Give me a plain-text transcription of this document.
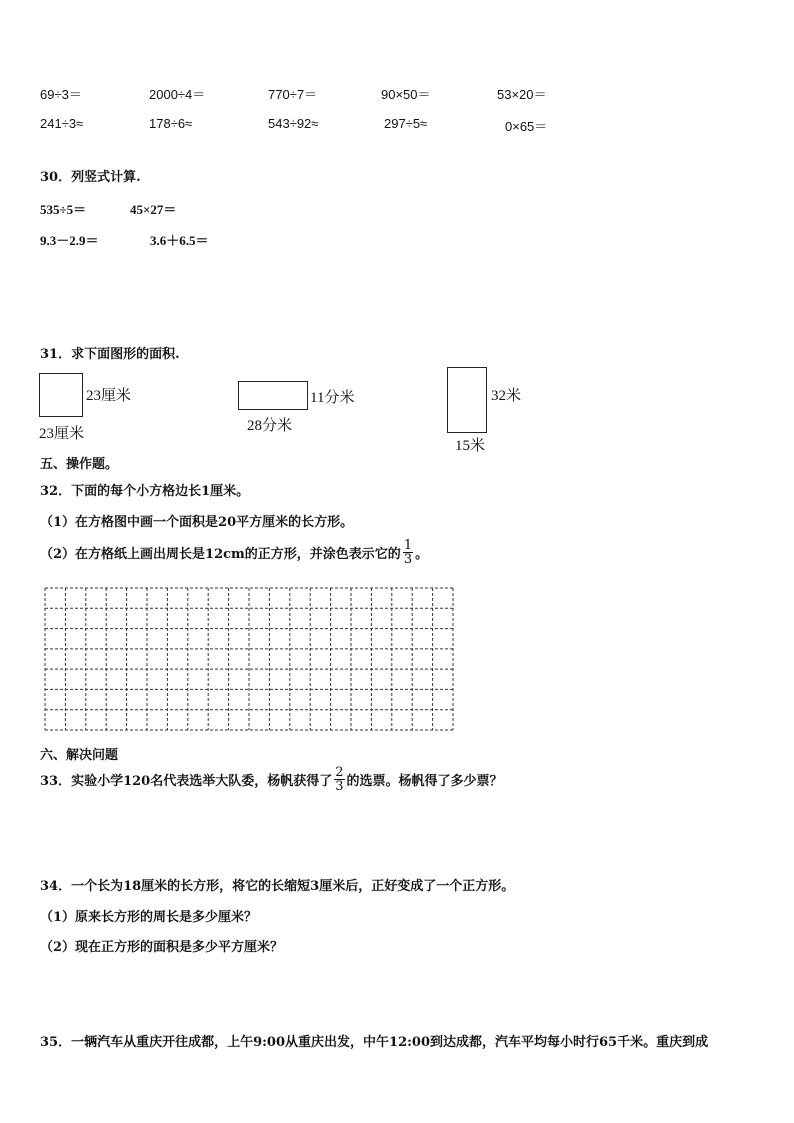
69÷3＝	2000÷4＝	770÷7＝	90×50＝	53×20＝
241÷3≈	178÷6≈	543÷92≈	297÷5≈	0×65＝
30．列竖式计算.
535÷5＝	45×27＝
9.3－2.9＝	3.6＋6.5＝
31．求下面图形的面积.
23厘米
23厘米
11分米
28分米
32米
15米
五、操作题。
32．下面的每个小方格边长1厘米。
（1）在方格图中画一个面积是20平方厘米的长方形。
（2）在方格纸上画出周长是12cm的正方形，并涂色表示它的 $\frac{1}{3}$ 。
六、解决问题
33．实验小学120名代表选举大队委，杨帆获得了 $\frac{2}{3}$ 的选票。杨帆得了多少票？
34．一个长为18厘米的长方形，将它的长缩短3厘米后，正好变成了一个正方形。
（1）原来长方形的周长是多少厘米？
（2）现在正方形的面积是多少平方厘米？
35．一辆汽车从重庆开往成都，上午9:00从重庆出发，中午12:00到达成都，汽车平均每小时行65千米。重庆到成
